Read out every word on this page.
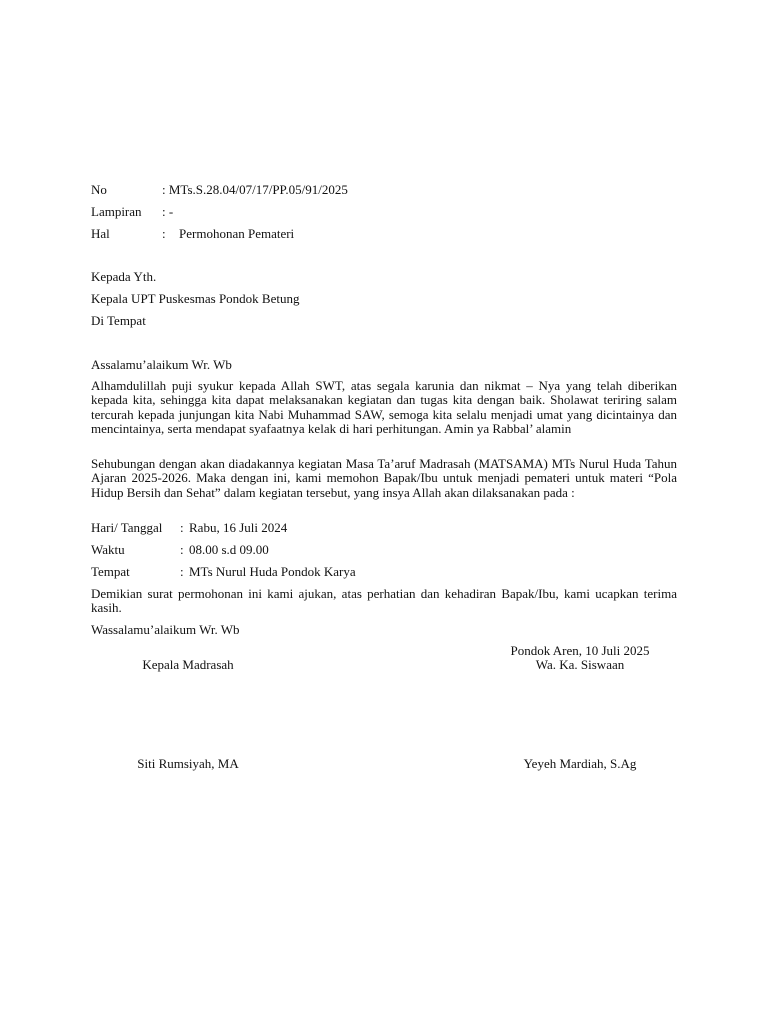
No	: MTs.S.28.04/07/17/PP.05/91/2025
Lampiran : -
Hal	: Permohonan Pemateri
Kepada Yth.
Kepala UPT Puskesmas Pondok Betung
Di Tempat
Assalamu’alaikum Wr. Wb

Alhamdulillah puji syukur kepada Allah SWT, atas segala karunia dan nikmat – Nya yang telah diberikan kepada kita, sehingga kita dapat melaksanakan kegiatan dan tugas kita dengan baik. Sholawat teriring salam tercurah kepada junjungan kita Nabi Muhammad SAW, semoga kita selalu menjadi umat yang dicintainya dan mencintainya, serta mendapat syafaatnya kelak di hari perhitungan. Amin ya Rabbal’ alamin

Sehubungan dengan akan diadakannya kegiatan Masa Ta’aruf Madrasah (MATSAMA) MTs Nurul Huda Tahun Ajaran 2025-2026. Maka dengan ini, kami memohon Bapak/Ibu untuk menjadi pemateri untuk materi “Pola Hidup Bersih dan Sehat” dalam kegiatan tersebut, yang insya Allah akan dilaksanakan pada :

Hari/ Tanggal : Rabu, 16 Juli 2024
Waktu	: 08.00 s.d 09.00
Tempat	: MTs Nurul Huda Pondok Karya

Demikian surat permohonan ini kami ajukan, atas perhatian dan kehadiran Bapak/Ibu, kami ucapkan terima kasih.

Wassalamu’alaikum Wr. Wb
Pondok Aren, 10 Juli 2025
Kepala Madrasah	Wa. Ka. Siswaan
Siti Rumsiyah, MA	Yeyeh Mardiah, S.Ag
